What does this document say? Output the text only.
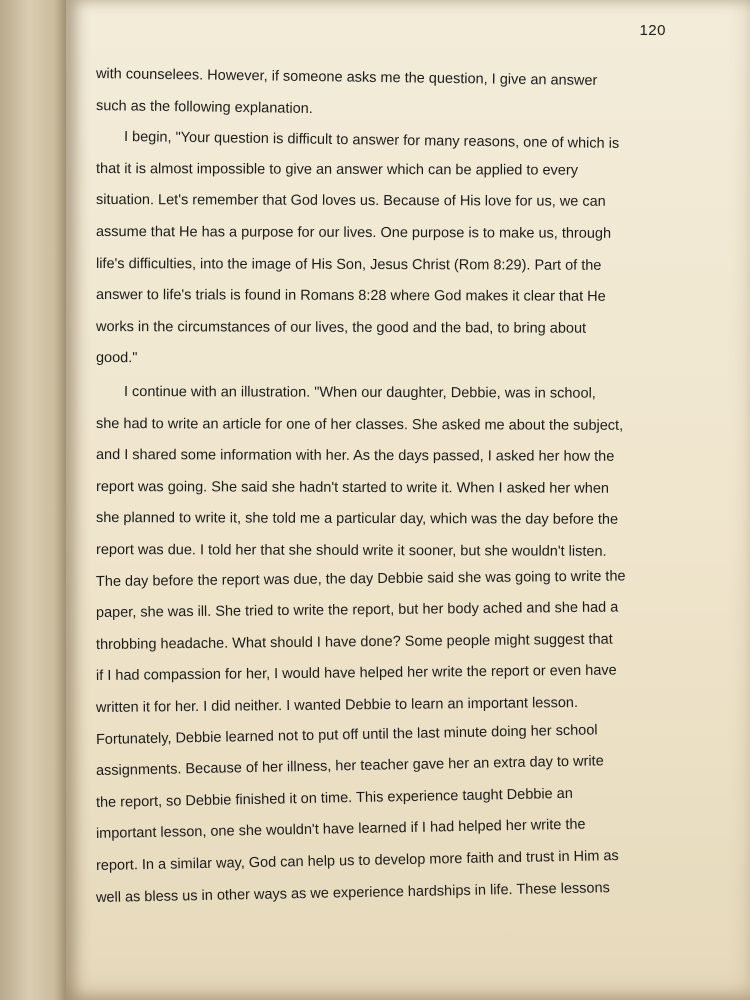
120
with counselees. However, if someone asks me the question, I give an answer
such as the following explanation.
I begin, "Your question is difficult to answer for many reasons, one of which is
that it is almost impossible to give an answer which can be applied to every
situation. Let's remember that God loves us. Because of His love for us, we can
assume that He has a purpose for our lives. One purpose is to make us, through
life's difficulties, into the image of His Son, Jesus Christ (Rom 8:29). Part of the
answer to life's trials is found in Romans 8:28 where God makes it clear that He
works in the circumstances of our lives, the good and the bad, to bring about
good."
I continue with an illustration. "When our daughter, Debbie, was in school,
she had to write an article for one of her classes. She asked me about the subject,
and I shared some information with her. As the days passed, I asked her how the
report was going. She said she hadn't started to write it. When I asked her when
she planned to write it, she told me a particular day, which was the day before the
report was due. I told her that she should write it sooner, but she wouldn't listen.
The day before the report was due, the day Debbie said she was going to write the
paper, she was ill. She tried to write the report, but her body ached and she had a
throbbing headache. What should I have done? Some people might suggest that
if I had compassion for her, I would have helped her write the report or even have
written it for her. I did neither. I wanted Debbie to learn an important lesson.
Fortunately, Debbie learned not to put off until the last minute doing her school
assignments. Because of her illness, her teacher gave her an extra day to write
the report, so Debbie finished it on time. This experience taught Debbie an
important lesson, one she wouldn't have learned if I had helped her write the
report. In a similar way, God can help us to develop more faith and trust in Him as
well as bless us in other ways as we experience hardships in life. These lessons
